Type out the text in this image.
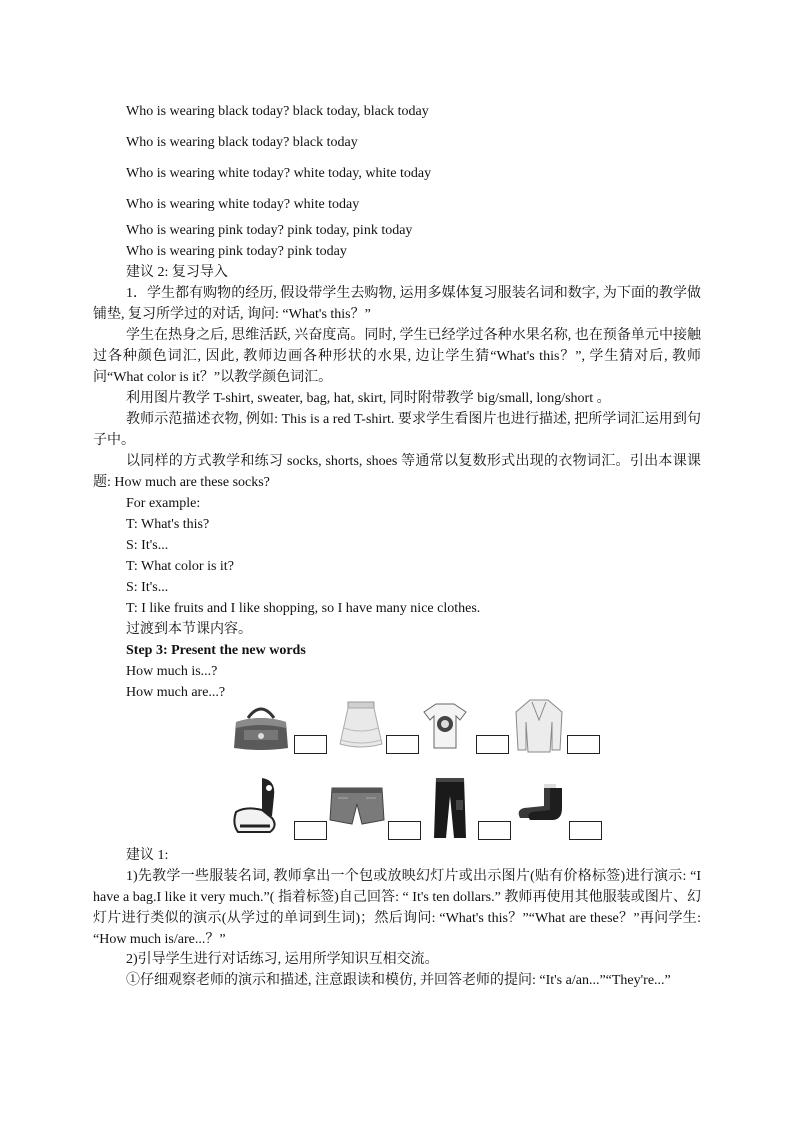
Who is wearing black today? black today, black today
Who is wearing black today? black today
Who is wearing white today? white today, white today
Who is wearing white today? white today
Who is wearing pink today? pink today, pink today
Who is wearing pink today? pink today
建议 2: 复习导入
1．学生都有购物的经历, 假设带学生去购物, 运用多媒体复习服装名词和数字, 为下面的教学做铺垫, 复习所学过的对话, 询问: “What's this？”
学生在热身之后, 思维活跃, 兴奋度高。同时, 学生已经学过各种水果名称, 也在预备单元中接触过各种颜色词汇, 因此, 教师边画各种形状的水果, 边让学生猜“What's this？”, 学生猜对后, 教师问“What color is it？”以教学颜色词汇。
利用图片教学 T-shirt, sweater, bag, hat, skirt, 同时附带教学 big/small, long/short 。
教师示范描述衣物, 例如: This is a red T-shirt. 要求学生看图片也进行描述, 把所学词汇运用到句子中。
以同样的方式教学和练习 socks, shorts, shoes 等通常以复数形式出现的衣物词汇。引出本课课题: How much are these socks?
For example:
T: What's this?
S: It's...
T: What color is it?
S: It's...
T: I like fruits and I like shopping, so I have many nice clothes.
过渡到本节课内容。
Step 3: Present the new words
How much is...?
How much are...?
建议 1:
1)先教学一些服装名词, 教师拿出一个包或放映幻灯片或出示图片(贴有价格标签)进行演示: “I have a bag.I like it very much.”( 指着标签)自己回答: “ It's ten dollars.” 教师再使用其他服装或图片、幻灯片进行类似的演示(从学过的单词到生词)；然后询问: “What's this？”“What are these？”再问学生: “How much is/are...？”
2)引导学生进行对话练习, 运用所学知识互相交流。
①仔细观察老师的演示和描述, 注意跟读和模仿, 并回答老师的提问: “It's a/an...”“They're...”
